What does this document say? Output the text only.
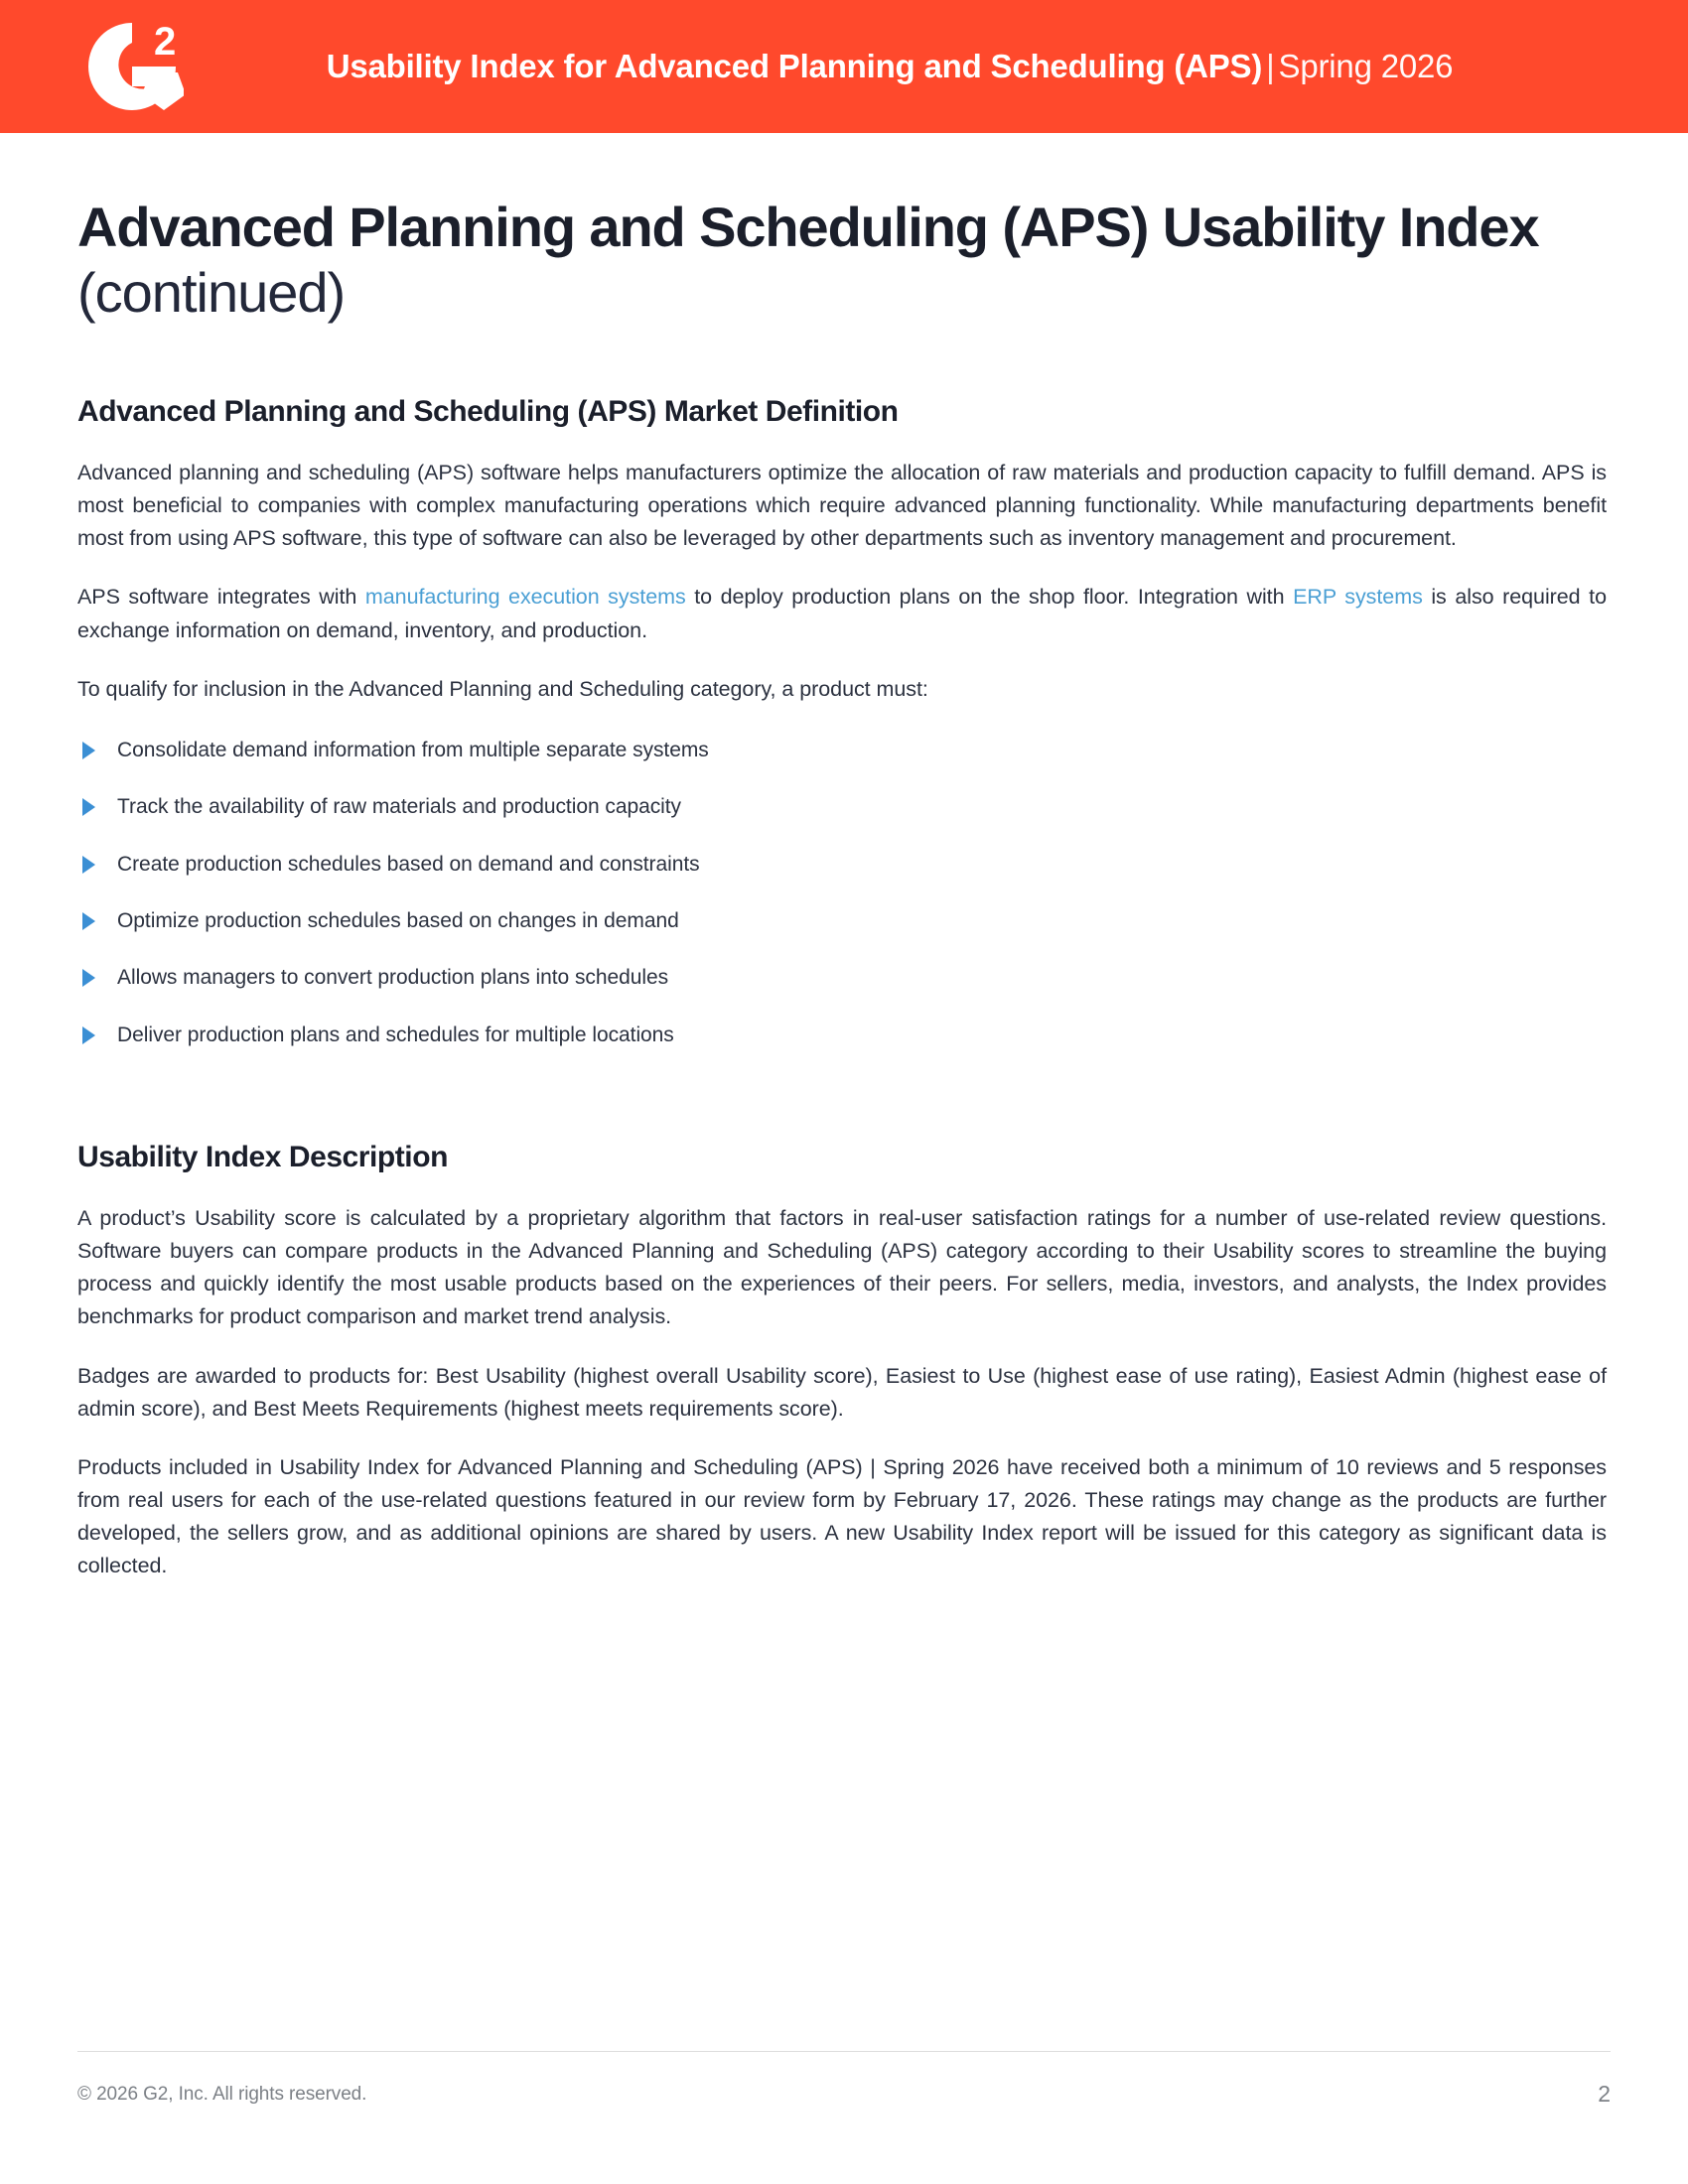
2
Usability Index for Advanced Planning and Scheduling (APS) | Spring 2026
Advanced Planning and Scheduling (APS) Usability Index (continued)
Advanced Planning and Scheduling (APS) Market Definition

Advanced planning and scheduling (APS) software helps manufacturers optimize the allocation of raw materials and production capacity to fulfill demand. APS is most beneficial to companies with complex manufacturing operations which require advanced planning functionality. While manufacturing departments benefit most from using APS software, this type of software can also be leveraged by other departments such as inventory management and procurement.

APS software integrates with manufacturing execution systems to deploy production plans on the shop floor. Integration with ERP systems is also required to exchange information on demand, inventory, and production.

To qualify for inclusion in the Advanced Planning and Scheduling category, a product must:

Consolidate demand information from multiple separate systems
Track the availability of raw materials and production capacity
Create production schedules based on demand and constraints
Optimize production schedules based on changes in demand
Allows managers to convert production plans into schedules
Deliver production plans and schedules for multiple locations
Usability Index Description

A product’s Usability score is calculated by a proprietary algorithm that factors in real-user satisfaction ratings for a number of use-related review questions. Software buyers can compare products in the Advanced Planning and Scheduling (APS) category according to their Usability scores to streamline the buying process and quickly identify the most usable products based on the experiences of their peers. For sellers, media, investors, and analysts, the Index provides benchmarks for product comparison and market trend analysis.

Badges are awarded to products for: Best Usability (highest overall Usability score), Easiest to Use (highest ease of use rating), Easiest Admin (highest ease of admin score), and Best Meets Requirements (highest meets requirements score).

Products included in Usability Index for Advanced Planning and Scheduling (APS) | Spring 2026 have received both a minimum of 10 reviews and 5 responses from real users for each of the use-related questions featured in our review form by February 17, 2026. These ratings may change as the products are further developed, the sellers grow, and as additional opinions are shared by users. A new Usability Index report will be issued for this category as significant data is collected.

© 2026 G2, Inc. All rights reserved.	2
